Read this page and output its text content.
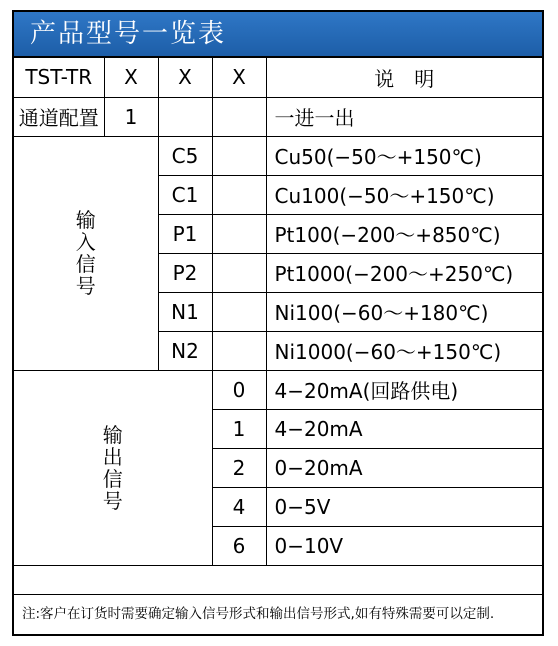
产品型号一览表
TST-TR	X	X	X	说　明
通道配置	1			一进一出

输
入
信
号		C5		Cu50(−50～+150℃)
		C1		Cu100(−50～+150℃)
		P1		Pt100(−200～+850℃)
		P2		Pt1000(−200～+250℃)
		N1		Ni100(−60～+180℃)
		N2		Ni1000(−60～+150℃)

输
出
信
号			0	4−20mA(回路供电)
			1	4−20mA
			2	0−20mA
			4	0−5V
			6	0−10V
注:客户在订货时需要确定输入信号形式和输出信号形式,如有特殊需要可以定制.
